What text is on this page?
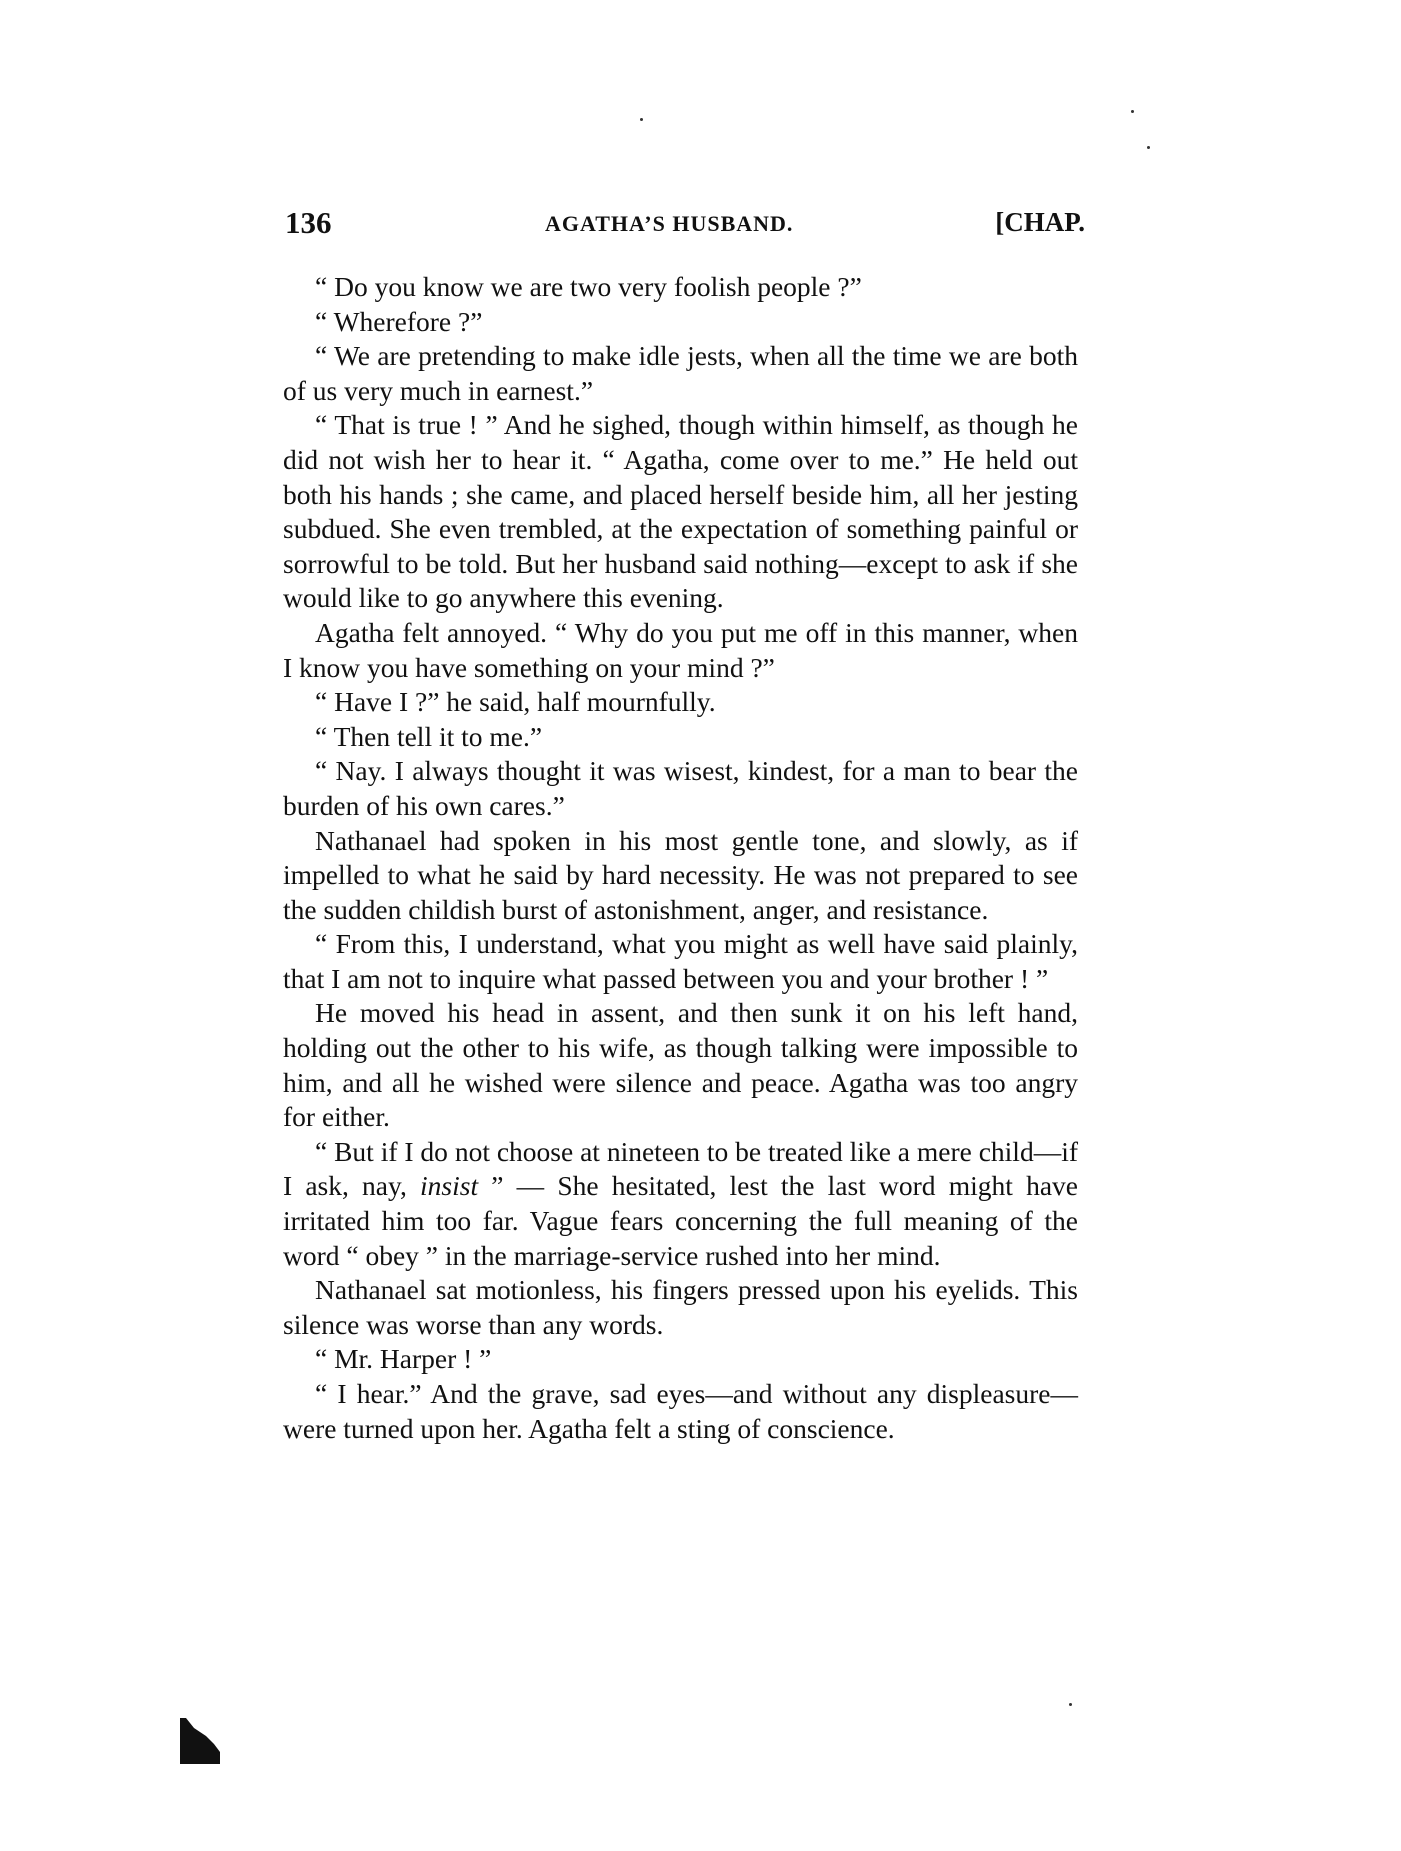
136	AGATHA’S HUSBAND.	[CHAP.

“ Do you know we are two very foolish people ?”

“ Wherefore ?”

“ We are pretending to make idle jests, when all the time we are both of us very much in earnest.”

“ That is true ! ” And he sighed, though within himself, as though he did not wish her to hear it. “ Agatha, come over to me.” He held out both his hands ; she came, and placed herself beside him, all her jesting subdued. She even trembled, at the expectation of something painful or sorrowful to be told. But her husband said nothing—except to ask if she would like to go anywhere this evening.

Agatha felt annoyed. “ Why do you put me off in this manner, when I know you have something on your mind ?”

“ Have I ?” he said, half mournfully.

“ Then tell it to me.”

“ Nay. I always thought it was wisest, kindest, for a man to bear the burden of his own cares.”

Nathanael had spoken in his most gentle tone, and slowly, as if impelled to what he said by hard necessity. He was not prepared to see the sudden childish burst of astonishment, anger, and resistance.

“ From this, I understand, what you might as well have said plainly, that I am not to inquire what passed between you and your brother ! ”

He moved his head in assent, and then sunk it on his left hand, holding out the other to his wife, as though talking were impossible to him, and all he wished were silence and peace. Agatha was too angry for either.

“ But if I do not choose at nineteen to be treated like a mere child—if I ask, nay, insist ” — She hesitated, lest the last word might have irritated him too far. Vague fears concerning the full meaning of the word “ obey ” in the marriage-service rushed into her mind.

Nathanael sat motionless, his fingers pressed upon his eyelids. This silence was worse than any words.

“ Mr. Harper ! ”

“ I hear.” And the grave, sad eyes—and without any displeasure—were turned upon her. Agatha felt a sting of conscience.
